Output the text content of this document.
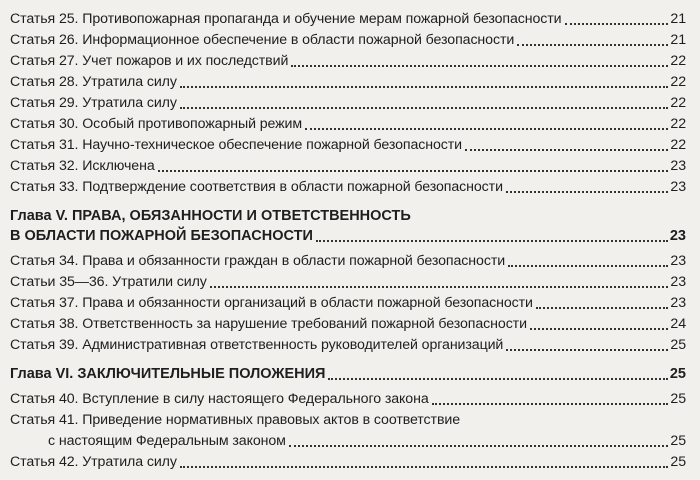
Статья 25. Противопожарная пропаганда и обучение мерам пожарной безопасности	21
Статья 26. Информационное обеспечение в области пожарной безопасности	21
Статья 27. Учет пожаров и их последствий	22
Статья 28. Утратила силу	22
Статья 29. Утратила силу	22
Статья 30. Особый противопожарный режим	22
Статья 31. Научно-техническое обеспечение пожарной безопасности	22
Статья 32. Исключена	23
Статья 33. Подтверждение соответствия в области пожарной безопасности	23
Глава V. ПРАВА, ОБЯЗАННОСТИ И ОТВЕТСТВЕННОСТЬ
В ОБЛАСТИ ПОЖАРНОЙ БЕЗОПАСНОСТИ	23
Статья 34. Права и обязанности граждан в области пожарной безопасности	23
Статьи 35—36. Утратили силу	23
Статья 37. Права и обязанности организаций в области пожарной безопасности	23
Статья 38. Ответственность за нарушение требований пожарной безопасности	24
Статья 39. Административная ответственность руководителей организаций	25
Глава VI. ЗАКЛЮЧИТЕЛЬНЫЕ ПОЛОЖЕНИЯ	25
Статья 40. Вступление в силу настоящего Федерального закона	25
Статья 41. Приведение нормативных правовых актов в соответствие
с настоящим Федеральным законом	25
Статья 42. Утратила силу	25
